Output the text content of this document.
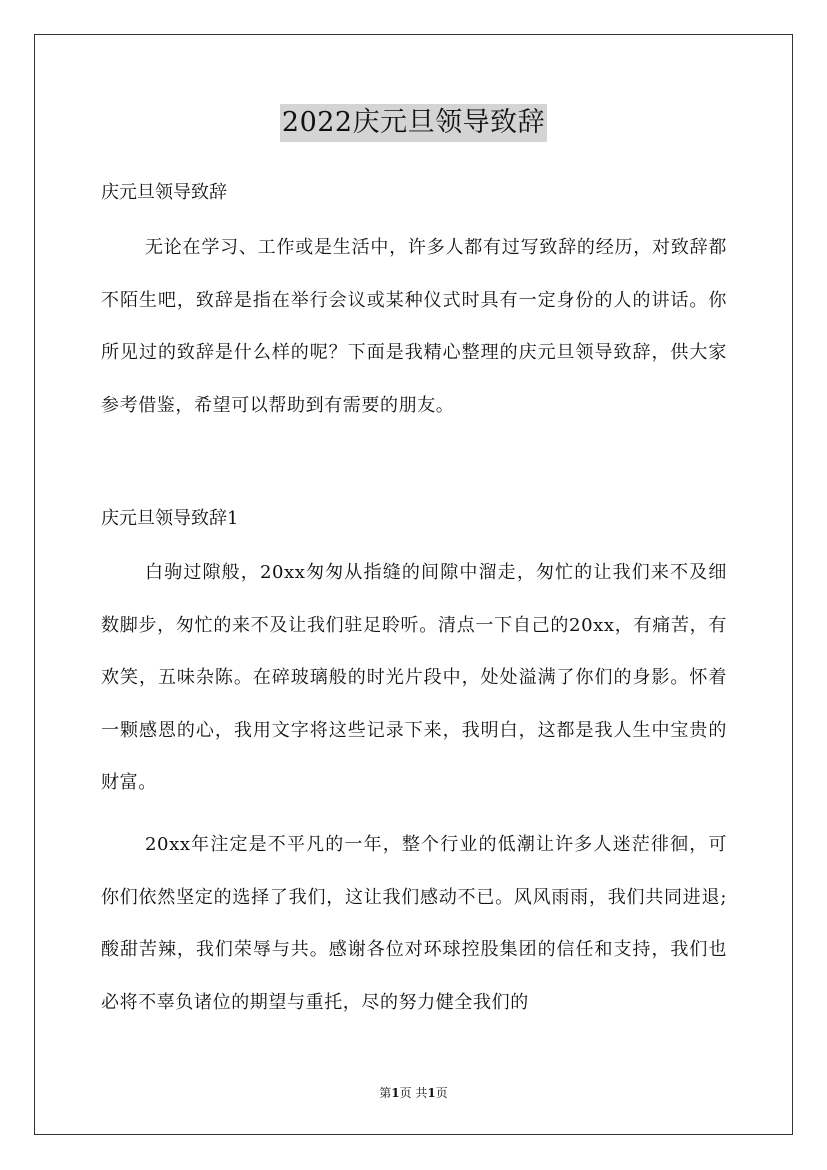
2022庆元旦领导致辞
庆元旦领导致辞

无论在学习、工作或是生活中，许多人都有过写致辞的经历，对致辞都不陌生吧，致辞是指在举行会议或某种仪式时具有一定身份的人的讲话。你所见过的致辞是什么样的呢？下面是我精心整理的庆元旦领导致辞，供大家参考借鉴，希望可以帮助到有需要的朋友。

庆元旦领导致辞1

白驹过隙般，20xx匆匆从指缝的间隙中溜走，匆忙的让我们来不及细数脚步，匆忙的来不及让我们驻足聆听。清点一下自己的20xx，有痛苦，有欢笑，五味杂陈。在碎玻璃般的时光片段中，处处溢满了你们的身影。怀着一颗感恩的心，我用文字将这些记录下来，我明白，这都是我人生中宝贵的财富。

20xx年注定是不平凡的一年，整个行业的低潮让许多人迷茫徘徊，可你们依然坚定的选择了我们，这让我们感动不已。风风雨雨，我们共同进退;酸甜苦辣，我们荣辱与共。感谢各位对环球控股集团的信任和支持，我们也必将不辜负诸位的期望与重托，尽的努力健全我们的

第1页 共1页
